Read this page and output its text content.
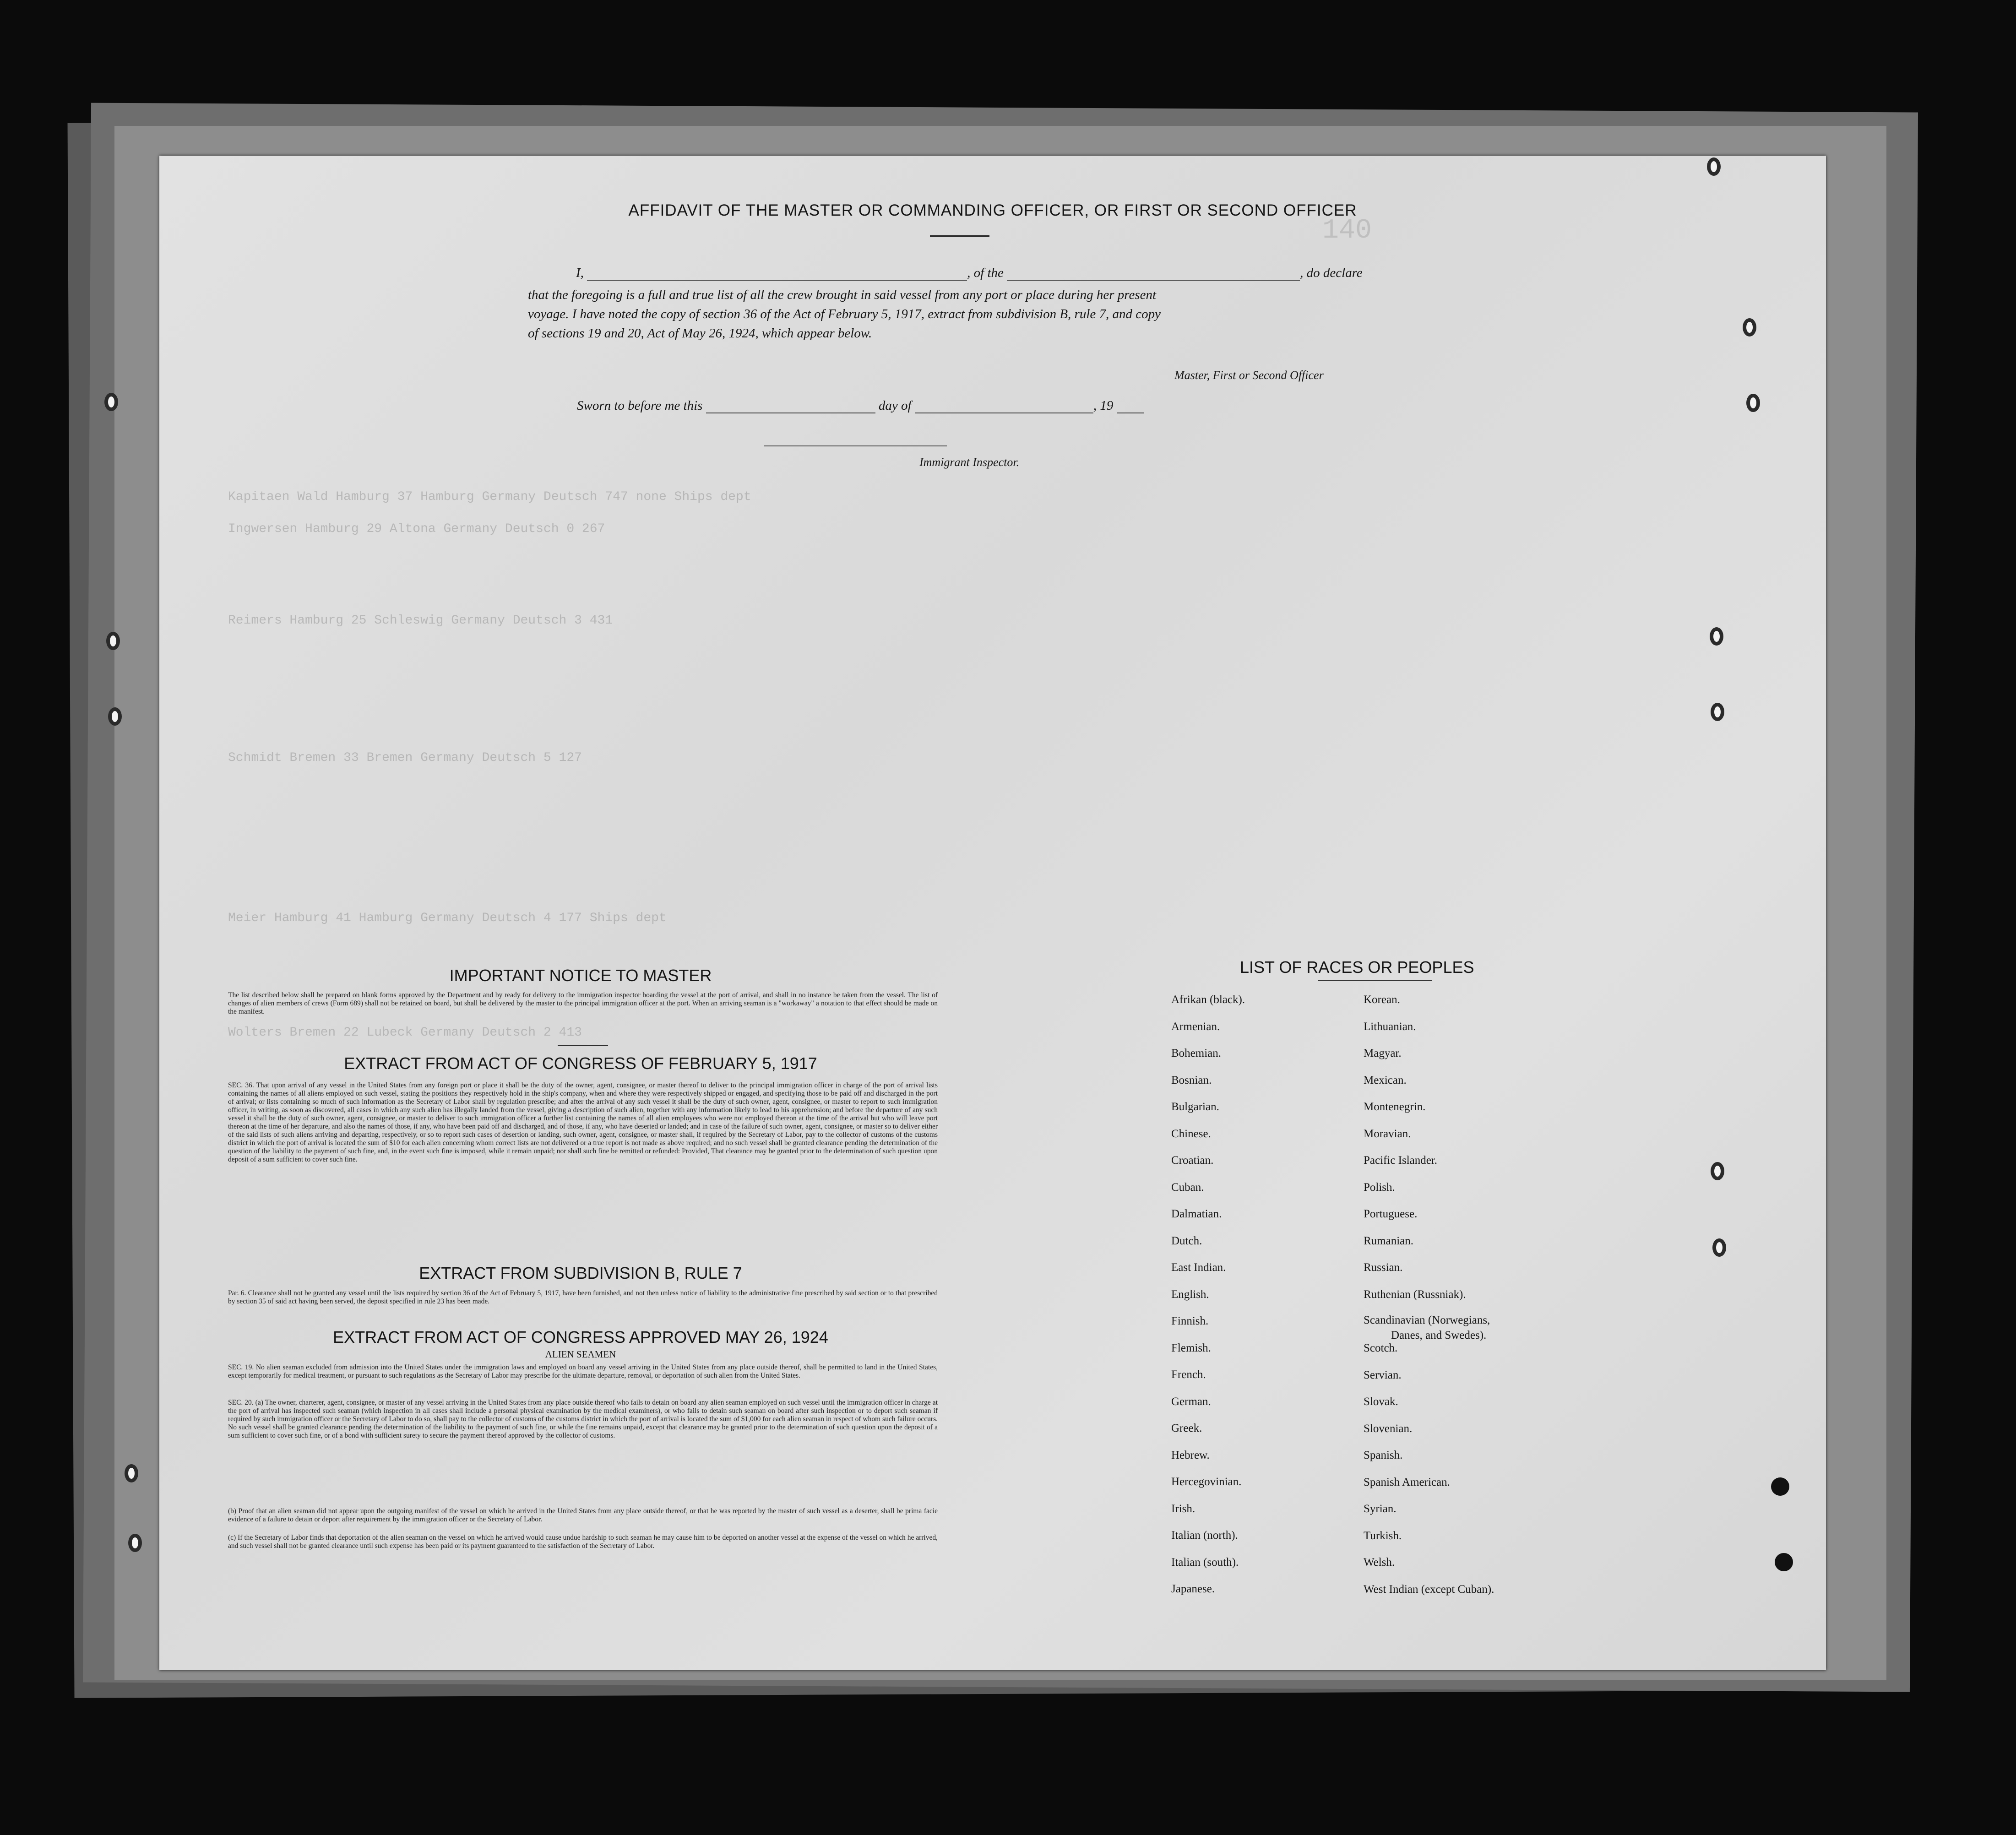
140
Kapitaen Wald Hamburg 37 Hamburg Germany Deutsch 747 none Ships dept
Ingwersen Hamburg 29 Altona Germany Deutsch 0 267
Reimers Hamburg 25 Schleswig Germany Deutsch 3 431
Schmidt Bremen 33 Bremen Germany Deutsch 5 127
Meier Hamburg 41 Hamburg Germany Deutsch 4 177 Ships dept
Wolters Bremen 22 Lubeck Germany Deutsch 2 413
AFFIDAVIT OF THE MASTER OR COMMANDING OFFICER, OR FIRST OR SECOND OFFICER
I,	, of the	, do declare
that the foregoing is a full and true list of all the crew brought in said vessel from any port or place during her present
voyage. I have noted the copy of section 36 of the Act of February 5, 1917, extract from subdivision B, rule 7, and copy
of sections 19 and 20, Act of May 26, 1924, which appear below.
Master, First or Second Officer
Sworn to before me this	day of	, 19

Immigrant Inspector.
IMPORTANT NOTICE TO MASTER
The list described below shall be prepared on blank forms approved by the Department and by ready for delivery to the immigration inspector boarding the vessel at the port of arrival, and shall in no instance be taken from the vessel. The list of changes of alien members of crews (Form 689) shall not be retained on board, but shall be delivered by the master to the principal immigration officer at the port. When an arriving seaman is a "workaway" a notation to that effect should be made on the manifest.
EXTRACT FROM ACT OF CONGRESS OF FEBRUARY 5, 1917
SEC. 36. That upon arrival of any vessel in the United States from any foreign port or place it shall be the duty of the owner, agent, consignee, or master thereof to deliver to the principal immigration officer in charge of the port of arrival lists containing the names of all aliens employed on such vessel, stating the positions they respectively hold in the ship's company, when and where they were respectively shipped or engaged, and specifying those to be paid off and discharged in the port of arrival; or lists containing so much of such information as the Secretary of Labor shall by regulation prescribe; and after the arrival of any such vessel it shall be the duty of such owner, agent, consignee, or master to report to such immigration officer, in writing, as soon as discovered, all cases in which any such alien has illegally landed from the vessel, giving a description of such alien, together with any information likely to lead to his apprehension; and before the departure of any such vessel it shall be the duty of such owner, agent, consignee, or master to deliver to such immigration officer a further list containing the names of all alien employees who were not employed thereon at the time of the arrival but who will leave port thereon at the time of her departure, and also the names of those, if any, who have been paid off and discharged, and of those, if any, who have deserted or landed; and in case of the failure of such owner, agent, consignee, or master so to deliver either of the said lists of such aliens arriving and departing, respectively, or so to report such cases of desertion or landing, such owner, agent, consignee, or master shall, if required by the Secretary of Labor, pay to the collector of customs of the customs district in which the port of arrival is located the sum of $10 for each alien concerning whom correct lists are not delivered or a true report is not made as above required; and no such vessel shall be granted clearance pending the determination of the question of the liability to the payment of such fine, and, in the event such fine is imposed, while it remain unpaid; nor shall such fine be remitted or refunded: Provided, That clearance may be granted prior to the determination of such question upon deposit of a sum sufficient to cover such fine.
EXTRACT FROM SUBDIVISION B, RULE 7
Par. 6. Clearance shall not be granted any vessel until the lists required by section 36 of the Act of February 5, 1917, have been furnished, and not then unless notice of liability to the administrative fine prescribed by said section or to that prescribed by section 35 of said act having been served, the deposit specified in rule 23 has been made.
EXTRACT FROM ACT OF CONGRESS APPROVED MAY 26, 1924
ALIEN SEAMEN
SEC. 19. No alien seaman excluded from admission into the United States under the immigration laws and employed on board any vessel arriving in the United States from any place outside thereof, shall be permitted to land in the United States, except temporarily for medical treatment, or pursuant to such regulations as the Secretary of Labor may prescribe for the ultimate departure, removal, or deportation of such alien from the United States.
SEC. 20. (a) The owner, charterer, agent, consignee, or master of any vessel arriving in the United States from any place outside thereof who fails to detain on board any alien seaman employed on such vessel until the immigration officer in charge at the port of arrival has inspected such seaman (which inspection in all cases shall include a personal physical examination by the medical examiners), or who fails to detain such seaman on board after such inspection or to deport such seaman if required by such immigration officer or the Secretary of Labor to do so, shall pay to the collector of customs of the customs district in which the port of arrival is located the sum of $1,000 for each alien seaman in respect of whom such failure occurs. No such vessel shall be granted clearance pending the determination of the liability to the payment of such fine, or while the fine remains unpaid, except that clearance may be granted prior to the determination of such question upon the deposit of a sum sufficient to cover such fine, or of a bond with sufficient surety to secure the payment thereof approved by the collector of customs.
(b) Proof that an alien seaman did not appear upon the outgoing manifest of the vessel on which he arrived in the United States from any place outside thereof, or that he was reported by the master of such vessel as a deserter, shall be prima facie evidence of a failure to detain or deport after requirement by the immigration officer or the Secretary of Labor.
(c) If the Secretary of Labor finds that deportation of the alien seaman on the vessel on which he arrived would cause undue hardship to such seaman he may cause him to be deported on another vessel at the expense of the vessel on which he arrived, and such vessel shall not be granted clearance until such expense has been paid or its payment guaranteed to the satisfaction of the Secretary of Labor.
LIST OF RACES OR PEOPLES
Afrikan (black).
Armenian.
Bohemian.
Bosnian.
Bulgarian.
Chinese.
Croatian.
Cuban.
Dalmatian.
Dutch.
East Indian.
English.
Finnish.
Flemish.
French.
German.
Greek.
Hebrew.
Hercegovinian.
Irish.
Italian (north).
Italian (south).
Japanese.
Korean.
Lithuanian.
Magyar.
Mexican.
Montenegrin.
Moravian.
Pacific Islander.
Polish.
Portuguese.
Rumanian.
Russian.
Ruthenian (Russniak).
Scandinavian (Norwegians,
Danes, and Swedes).
Scotch.
Servian.
Slovak.
Slovenian.
Spanish.
Spanish American.
Syrian.
Turkish.
Welsh.
West Indian (except Cuban).
